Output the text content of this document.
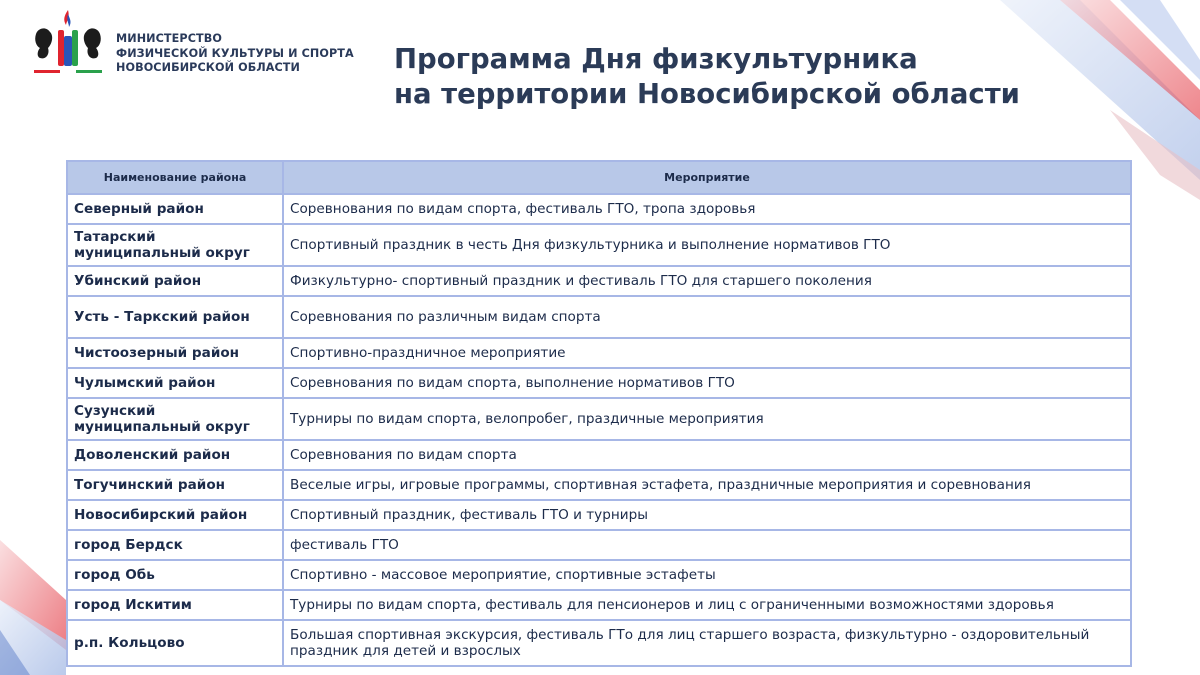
МИНИСТЕРСТВО
ФИЗИЧЕСКОЙ КУЛЬТУРЫ И СПОРТА
НОВОСИБИРСКОЙ ОБЛАСТИ	Программа Дня физкультурника
на территории Новосибирской области
Наименование района	Мероприятие
Северный район	Соревнования по видам спорта, фестиваль ГТО, тропа здоровья
Татарский муниципальный округ	Спортивный праздник в честь Дня физкультурника и выполнение нормативов ГТО
Убинский район	Физкультурно- спортивный праздник и фестиваль ГТО для старшего поколения
Усть - Таркский район	Соревнования по различным видам спорта
Чистоозерный район	Спортивно-праздничное мероприятие
Чулымский район	Соревнования по видам спорта, выполнение нормативов ГТО
Сузунский муниципальный округ	Турниры по видам спорта, велопробег, праздичные мероприятия
Доволенский район	Соревнования по видам спорта
Тогучинский район	Веселые игры, игровые программы, спортивная эстафета, праздничные мероприятия и соревнования
Новосибирский район	Спортивный праздник, фестиваль ГТО и турниры
город Бердск	фестиваль ГТО
город Обь	Спортивно - массовое мероприятие, спортивные эстафеты
город Искитим	Турниры по видам спорта, фестиваль для пенсионеров и лиц с ограниченными возможностями здоровья
р.п. Кольцово	Большая спортивная экскурсия, фестиваль ГТо для лиц старшего возраста, физкультурно - оздоровительный праздник для детей и взрослых
